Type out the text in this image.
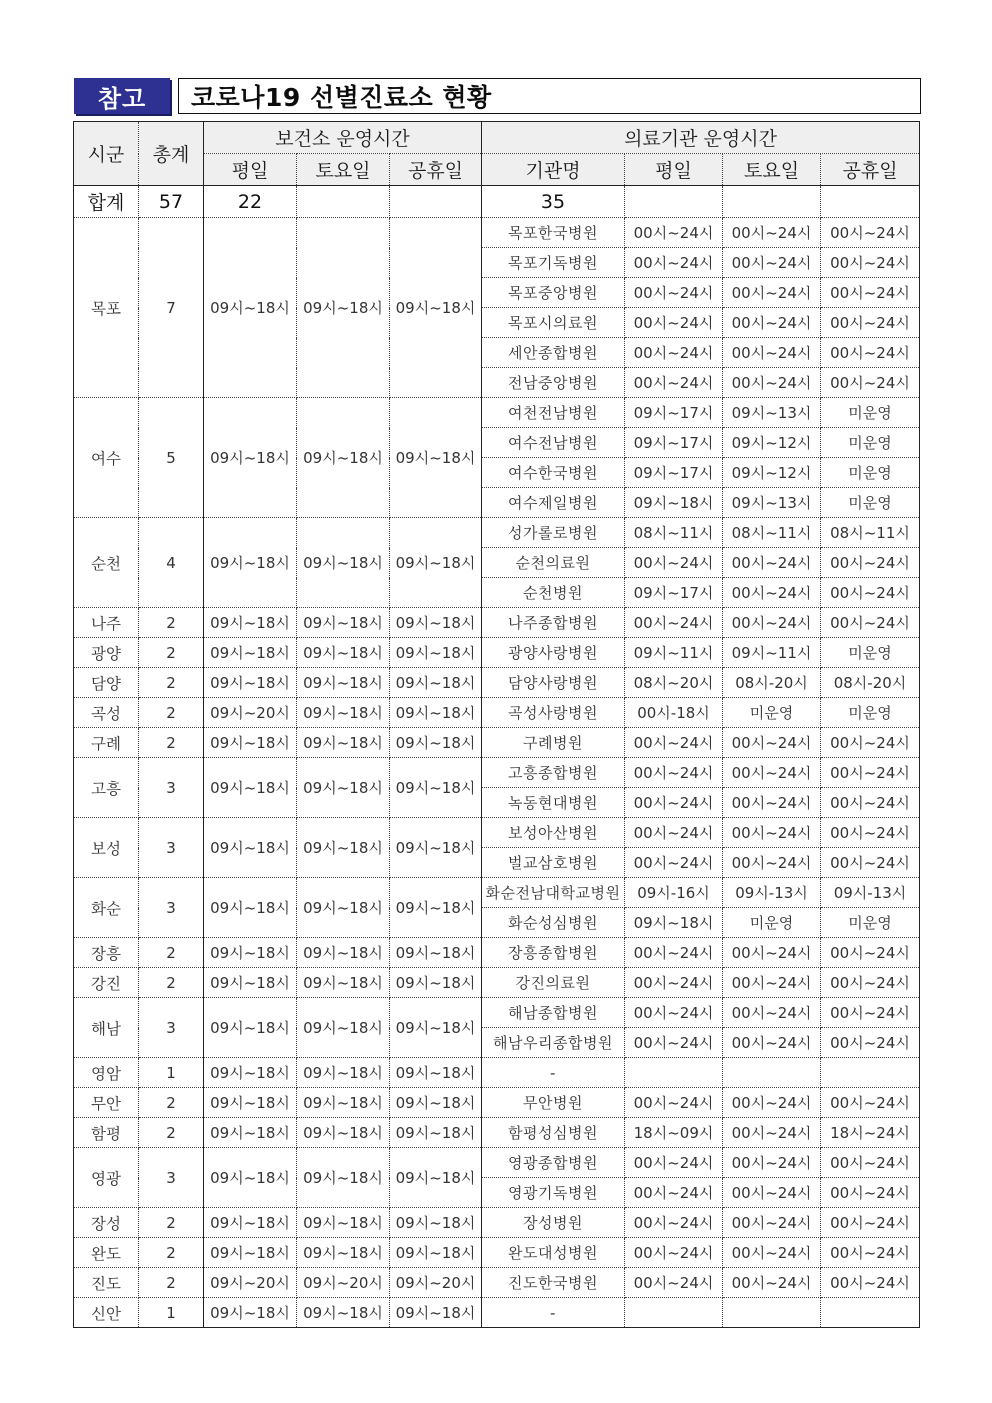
참고	코로나19 선별진료소 현황
시군	총계	보건소 운영시간			의료기관 운영시간			
		평일	토요일	공휴일	기관명	평일	토요일	공휴일
합계	57	22			35			
목포	7	09시~18시	09시~18시	09시~18시	목포한국병원	00시~24시	00시~24시	00시~24시
					목포기독병원	00시~24시	00시~24시	00시~24시
					목포중앙병원	00시~24시	00시~24시	00시~24시
					목포시의료원	00시~24시	00시~24시	00시~24시
					세안종합병원	00시~24시	00시~24시	00시~24시
					전남중앙병원	00시~24시	00시~24시	00시~24시
여수	5	09시~18시	09시~18시	09시~18시	여천전남병원	09시~17시	09시~13시	미운영
					여수전남병원	09시~17시	09시~12시	미운영
					여수한국병원	09시~17시	09시~12시	미운영
					여수제일병원	09시~18시	09시~13시	미운영
순천	4	09시~18시	09시~18시	09시~18시	성가롤로병원	08시~11시	08시~11시	08시~11시
					순천의료원	00시~24시	00시~24시	00시~24시
					순천병원	09시~17시	00시~24시	00시~24시
나주	2	09시~18시	09시~18시	09시~18시	나주종합병원	00시~24시	00시~24시	00시~24시
광양	2	09시~18시	09시~18시	09시~18시	광양사랑병원	09시~11시	09시~11시	미운영
담양	2	09시~18시	09시~18시	09시~18시	담양사랑병원	08시~20시	08시-20시	08시-20시
곡성	2	09시~20시	09시~18시	09시~18시	곡성사랑병원	00시-18시	미운영	미운영
구례	2	09시~18시	09시~18시	09시~18시	구례병원	00시~24시	00시~24시	00시~24시
고흥	3	09시~18시	09시~18시	09시~18시	고흥종합병원	00시~24시	00시~24시	00시~24시
					녹동현대병원	00시~24시	00시~24시	00시~24시
보성	3	09시~18시	09시~18시	09시~18시	보성아산병원	00시~24시	00시~24시	00시~24시
					벌교삼호병원	00시~24시	00시~24시	00시~24시
화순	3	09시~18시	09시~18시	09시~18시	화순전남대학교병원	09시-16시	09시-13시	09시-13시
					화순성심병원	09시~18시	미운영	미운영
장흥	2	09시~18시	09시~18시	09시~18시	장흥종합병원	00시~24시	00시~24시	00시~24시
강진	2	09시~18시	09시~18시	09시~18시	강진의료원	00시~24시	00시~24시	00시~24시
해남	3	09시~18시	09시~18시	09시~18시	해남종합병원	00시~24시	00시~24시	00시~24시
					해남우리종합병원	00시~24시	00시~24시	00시~24시
영암	1	09시~18시	09시~18시	09시~18시	-			
무안	2	09시~18시	09시~18시	09시~18시	무안병원	00시~24시	00시~24시	00시~24시
함평	2	09시~18시	09시~18시	09시~18시	함평성심병원	18시~09시	00시~24시	18시~24시
영광	3	09시~18시	09시~18시	09시~18시	영광종합병원	00시~24시	00시~24시	00시~24시
					영광기독병원	00시~24시	00시~24시	00시~24시
장성	2	09시~18시	09시~18시	09시~18시	장성병원	00시~24시	00시~24시	00시~24시
완도	2	09시~18시	09시~18시	09시~18시	완도대성병원	00시~24시	00시~24시	00시~24시
진도	2	09시~20시	09시~20시	09시~20시	진도한국병원	00시~24시	00시~24시	00시~24시
신안	1	09시~18시	09시~18시	09시~18시	-			
